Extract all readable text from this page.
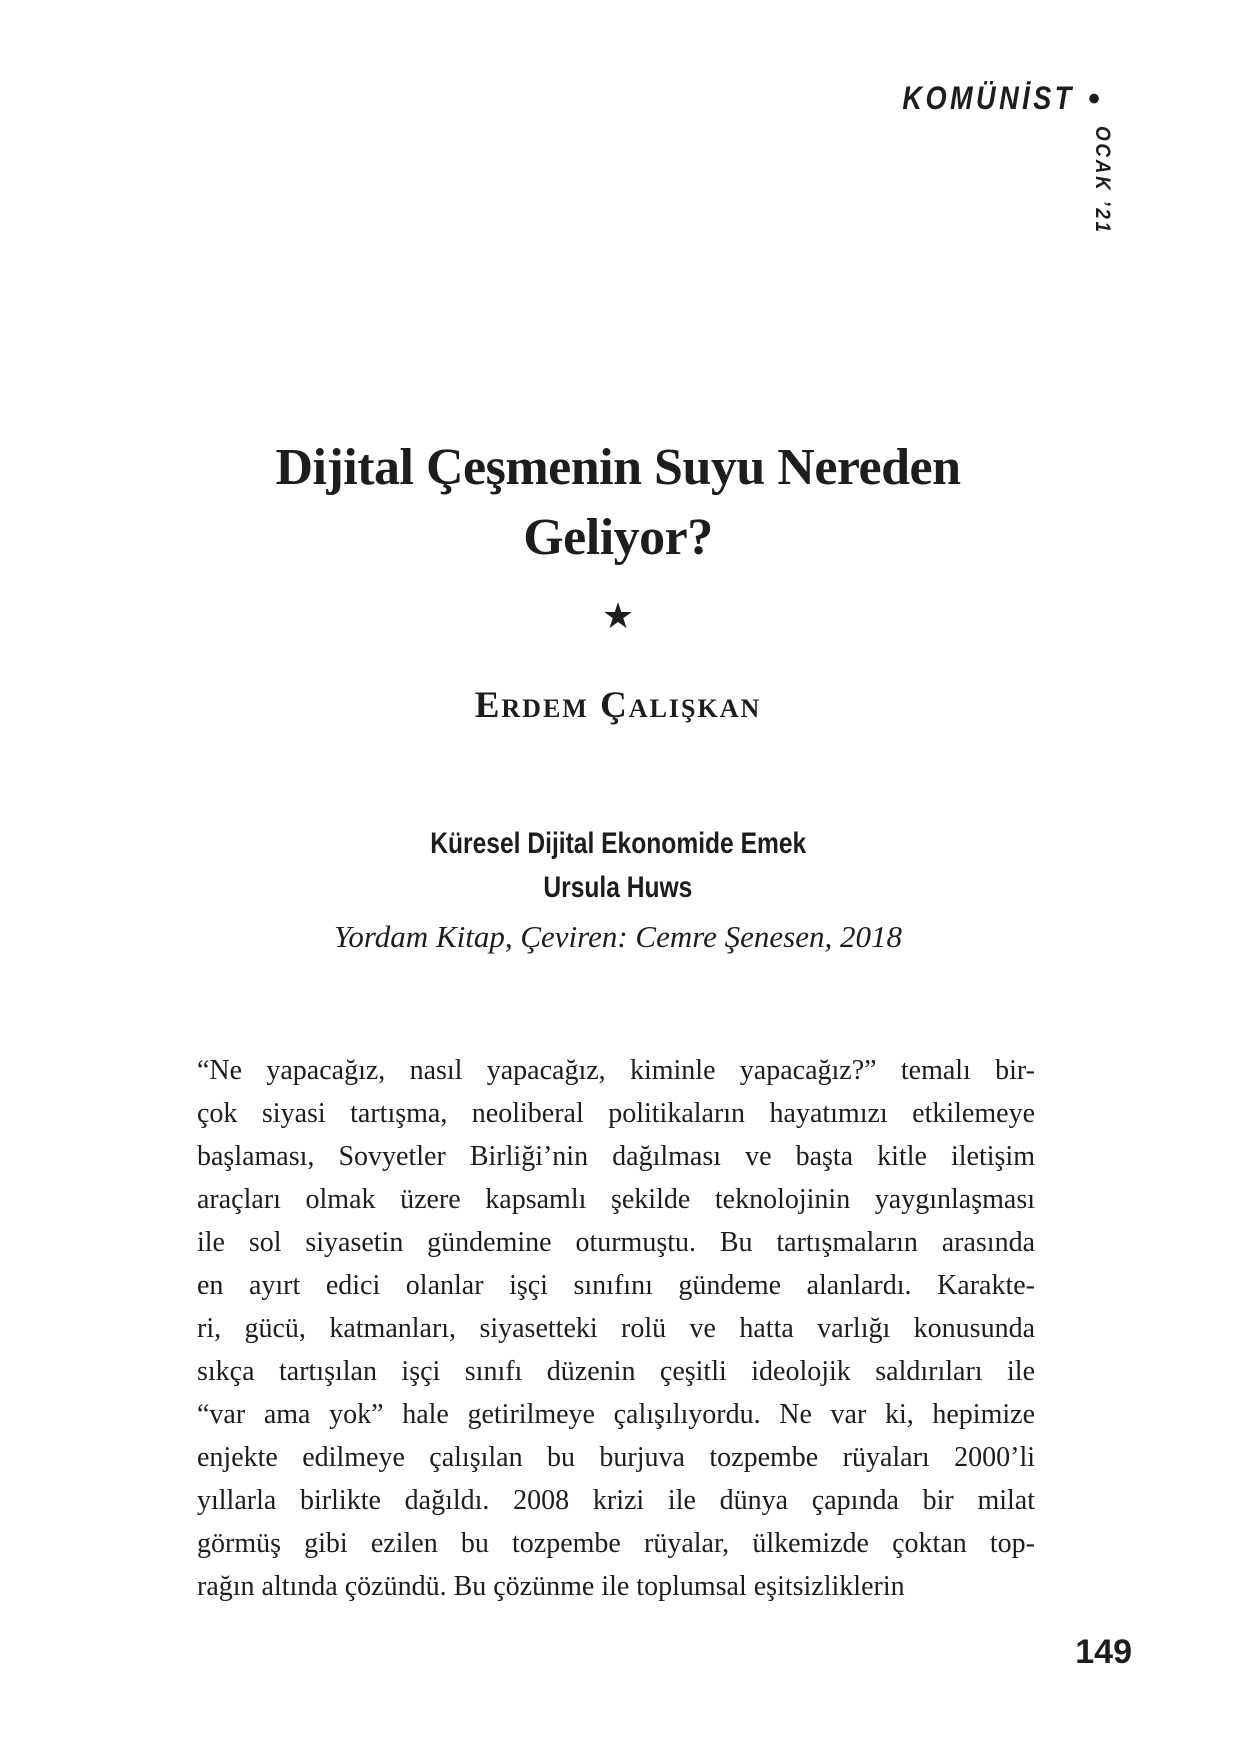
KOMÜNİST •
OCAK ’21
Dijital Çeşmenin Suyu Nereden
Geliyor?
★
Erdem Çalışkan
Küresel Dijital Ekonomide Emek
Ursula Huws
Yordam Kitap, Çeviren: Cemre Şenesen, 2018
“Ne yapacağız, nasıl yapacağız, kiminle yapacağız?” temalı bir-
çok siyasi tartışma, neoliberal politikaların hayatımızı etkilemeye
başlaması, Sovyetler Birliği’nin dağılması ve başta kitle iletişim
araçları olmak üzere kapsamlı şekilde teknolojinin yaygınlaşması
ile sol siyasetin gündemine oturmuştu. Bu tartışmaların arasında
en ayırt edici olanlar işçi sınıfını gündeme alanlardı. Karakte-
ri, gücü, katmanları, siyasetteki rolü ve hatta varlığı konusunda
sıkça tartışılan işçi sınıfı düzenin çeşitli ideolojik saldırıları ile
“var ama yok” hale getirilmeye çalışılıyordu. Ne var ki, hepimize
enjekte edilmeye çalışılan bu burjuva tozpembe rüyaları 2000’li
yıllarla birlikte dağıldı. 2008 krizi ile dünya çapında bir milat
görmüş gibi ezilen bu tozpembe rüyalar, ülkemizde çoktan top-
rağın altında çözündü. Bu çözünme ile toplumsal eşitsizliklerin
149
